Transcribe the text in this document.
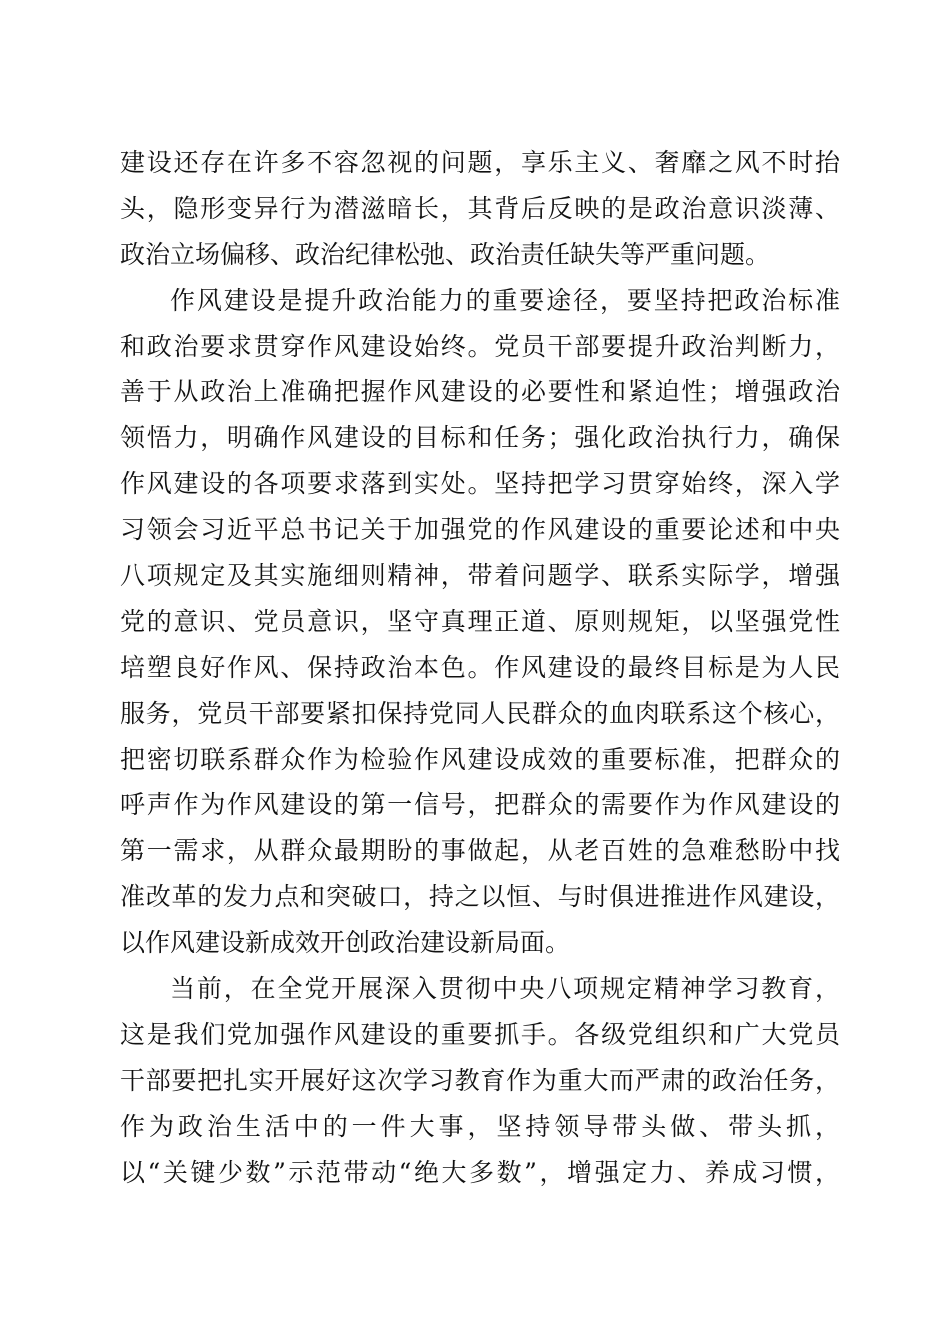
建设还存在许多不容忽视的问题，享乐主义、奢靡之风不时抬
头，隐形变异行为潜滋暗长，其背后反映的是政治意识淡薄、
政治立场偏移、政治纪律松弛、政治责任缺失等严重问题。
作风建设是提升政治能力的重要途径，要坚持把政治标准
和政治要求贯穿作风建设始终。党员干部要提升政治判断力，
善于从政治上准确把握作风建设的必要性和紧迫性；增强政治
领悟力，明确作风建设的目标和任务；强化政治执行力，确保
作风建设的各项要求落到实处。坚持把学习贯穿始终，深入学
习领会习近平总书记关于加强党的作风建设的重要论述和中央
八项规定及其实施细则精神，带着问题学、联系实际学，增强
党的意识、党员意识，坚守真理正道、原则规矩，以坚强党性
培塑良好作风、保持政治本色。作风建设的最终目标是为人民
服务，党员干部要紧扣保持党同人民群众的血肉联系这个核心，
把密切联系群众作为检验作风建设成效的重要标准，把群众的
呼声作为作风建设的第一信号，把群众的需要作为作风建设的
第一需求，从群众最期盼的事做起，从老百姓的急难愁盼中找
准改革的发力点和突破口，持之以恒、与时俱进推进作风建设，
以作风建设新成效开创政治建设新局面。
当前，在全党开展深入贯彻中央八项规定精神学习教育，
这是我们党加强作风建设的重要抓手。各级党组织和广大党员
干部要把扎实开展好这次学习教育作为重大而严肃的政治任务，
作为政治生活中的一件大事，坚持领导带头做、带头抓，
以“关键少数”示范带动“绝大多数”，增强定力、养成习惯，
